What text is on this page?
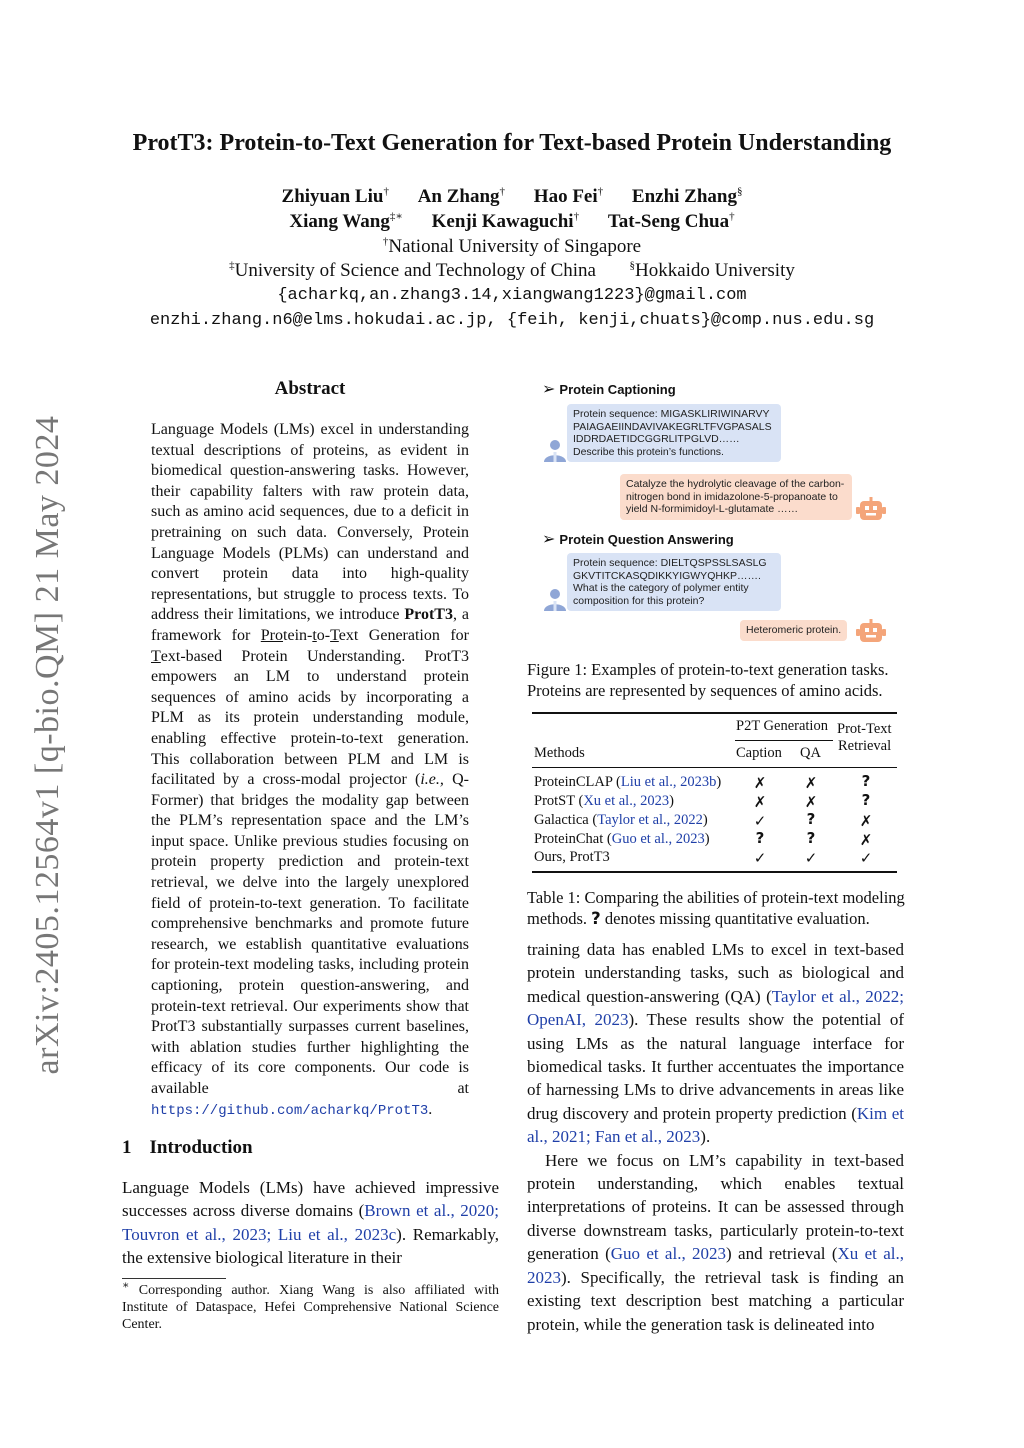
arXiv:2405.12564v1 [q-bio.QM] 21 May 2024
ProtT3: Protein-to-Text Generation for Text-based Protein Understanding
Zhiyuan Liu† An Zhang† Hao Fei† Enzhi Zhang§
Xiang Wang‡∗ Kenji Kawaguchi† Tat-Seng Chua†
†National University of Singapore
‡University of Science and Technology of China	§Hokkaido University
{acharkq,an.zhang3.14,xiangwang1223}@gmail.com
enzhi.zhang.n6@elms.hokudai.ac.jp, {feih, kenji,chuats}@comp.nus.edu.sg
Abstract
Language Models (LMs) excel in understanding textual descriptions of proteins, as evident in biomedical question-answering tasks. However, their capability falters with raw protein data, such as amino acid sequences, due to a deficit in pretraining on such data. Conversely, Protein Language Models (PLMs) can understand and convert protein data into high-quality representations, but struggle to process texts. To address their limitations, we introduce ProtT3, a framework for Protein-to-Text Generation for Text-based Protein Understanding. ProtT3 empowers an LM to understand protein sequences of amino acids by incorporating a PLM as its protein understanding module, enabling effective protein-to-text generation. This collaboration between PLM and LM is facilitated by a cross-modal projector (i.e., Q-Former) that bridges the modality gap between the PLM’s representation space and the LM’s input space. Unlike previous studies focusing on protein property prediction and protein-text retrieval, we delve into the largely unexplored field of protein-to-text generation. To facilitate comprehensive benchmarks and promote future research, we establish quantitative evaluations for protein-text modeling tasks, including protein captioning, protein question-answering, and protein-text retrieval. Our experiments show that ProtT3 substantially surpasses current baselines, with ablation studies further highlighting the efficacy of its core components. Our code is available at https://github.com/acharkq/ProtT3.
1 Introduction
Language Models (LMs) have achieved impressive successes across diverse domains (Brown et al., 2020; Touvron et al., 2023; Liu et al., 2023c). Remarkably, the extensive biological literature in their
∗ Corresponding author. Xiang Wang is also affiliated with Institute of Dataspace, Hefei Comprehensive National Science Center.
➢ Protein Captioning
Protein sequence: MIGASKLIRIWINARVY PAIAGAEIINDAVIVAKEGRLTFVGPASALS IDDRDAETIDCGGRLITPGLVD……
Describe this protein’s functions.
Catalyze the hydrolytic cleavage of the carbon-nitrogen bond in imidazolone-5-propanoate to yield N-formimidoyl-L-glutamate ……
➢ Protein Question Answering
Protein sequence: DIELTQSPSSLSASLG GKVTITCKASQDIKKYIGWYQHKP…….
What is the category of polymer entity composition for this protein?
Heteromeric protein.
Figure 1: Examples of protein-to-text generation tasks. Proteins are represented by sequences of amino acids.
P2T Generation Prot-Text
Retrieval
Methods	Caption QA
ProteinCLAP (Liu et al., 2023b) ✗	✗	?
ProtST (Xu et al., 2023)	✗	✗	?
Galactica (Taylor et al., 2022)	✓	?	✗
ProteinChat (Guo et al., 2023)	?	?	✗
Ours, ProtT3	✓	✓	✓
Table 1: Comparing the abilities of protein-text modeling methods. ? denotes missing quantitative evaluation.

training data has enabled LMs to excel in text-based protein understanding tasks, such as biological and medical question-answering (QA) (Taylor et al., 2022; OpenAI, 2023). These results show the potential of using LMs as the natural language interface for biomedical tasks. It further accentuates the importance of harnessing LMs to drive advancements in areas like drug discovery and protein property prediction (Kim et al., 2021; Fan et al., 2023).

Here we focus on LM’s capability in text-based protein understanding, which enables textual interpretations of proteins. It can be assessed through diverse downstream tasks, particularly protein-to-text generation (Guo et al., 2023) and retrieval (Xu et al., 2023). Specifically, the retrieval task is finding an existing text description best matching a particular protein, while the generation task is delineated into
